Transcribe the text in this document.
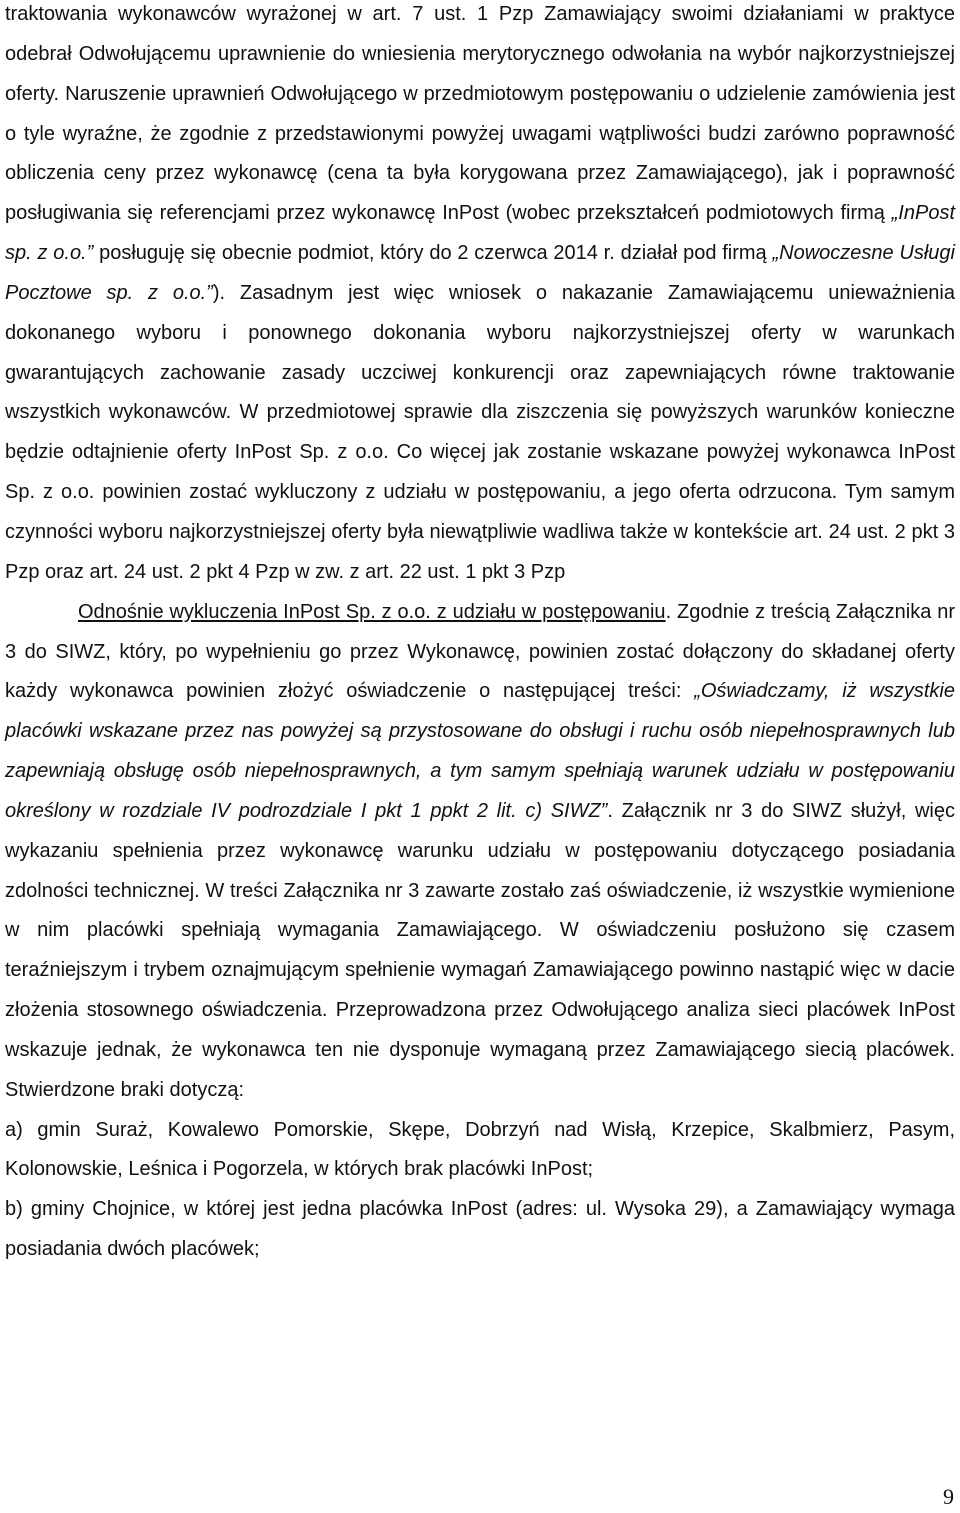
traktowania wykonawców wyrażonej w art. 7 ust. 1 Pzp Zamawiający swoimi działaniami w praktyce odebrał Odwołującemu uprawnienie do wniesienia merytorycznego odwołania na wybór najkorzystniejszej oferty. Naruszenie uprawnień Odwołującego w przedmiotowym postępowaniu o udzielenie zamówienia jest o tyle wyraźne, że zgodnie z przedstawionymi powyżej uwagami wątpliwości budzi zarówno poprawność obliczenia ceny przez wykonawcę (cena ta była korygowana przez Zamawiającego), jak i poprawność posługiwania się referencjami przez wykonawcę InPost (wobec przekształceń podmiotowych firmą „InPost sp. z o.o.” posługuję się obecnie podmiot, który do 2 czerwca 2014 r. działał pod firmą „Nowoczesne Usługi Pocztowe sp. z o.o.”). Zasadnym jest więc wniosek o nakazanie Zamawiającemu unieważnienia dokonanego wyboru i ponownego dokonania wyboru najkorzystniejszej oferty w warunkach gwarantujących zachowanie zasady uczciwej konkurencji oraz zapewniających równe traktowanie wszystkich wykonawców. W przedmiotowej sprawie dla ziszczenia się powyższych warunków konieczne będzie odtajnienie oferty InPost Sp. z o.o. Co więcej jak zostanie wskazane powyżej wykonawca InPost Sp. z o.o. powinien zostać wykluczony z udziału w postępowaniu, a jego oferta odrzucona. Tym samym czynności wyboru najkorzystniejszej oferty była niewątpliwie wadliwa także w kontekście art. 24 ust. 2 pkt 3 Pzp oraz art. 24 ust. 2 pkt 4 Pzp w zw. z art. 22 ust. 1 pkt 3 Pzp

Odnośnie wykluczenia InPost Sp. z o.o. z udziału w postępowaniu. Zgodnie z treścią Załącznika nr 3 do SIWZ, który, po wypełnieniu go przez Wykonawcę, powinien zostać dołączony do składanej oferty każdy wykonawca powinien złożyć oświadczenie o następującej treści: „Oświadczamy, iż wszystkie placówki wskazane przez nas powyżej są przystosowane do obsługi i ruchu osób niepełnosprawnych lub zapewniają obsługę osób niepełnosprawnych, a tym samym spełniają warunek udziału w postępowaniu określony w rozdziale IV podrozdziale I pkt 1 ppkt 2 lit. c) SIWZ”. Załącznik nr 3 do SIWZ służył, więc wykazaniu spełnienia przez wykonawcę warunku udziału w postępowaniu dotyczącego posiadania zdolności technicznej. W treści Załącznika nr 3 zawarte zostało zaś oświadczenie, iż wszystkie wymienione w nim placówki spełniają wymagania Zamawiającego. W oświadczeniu posłużono się czasem teraźniejszym i trybem oznajmującym spełnienie wymagań Zamawiającego powinno nastąpić więc w dacie złożenia stosownego oświadczenia. Przeprowadzona przez Odwołującego analiza sieci placówek InPost wskazuje jednak, że wykonawca ten nie dysponuje wymaganą przez Zamawiającego siecią placówek. Stwierdzone braki dotyczą:

a) gmin Suraż, Kowalewo Pomorskie, Skępe, Dobrzyń nad Wisłą, Krzepice, Skalbmierz, Pasym, Kolonowskie, Leśnica i Pogorzela, w których brak placówki InPost;

b) gminy Chojnice, w której jest jedna placówka InPost (adres: ul. Wysoka 29), a Zamawiający wymaga posiadania dwóch placówek;

9
